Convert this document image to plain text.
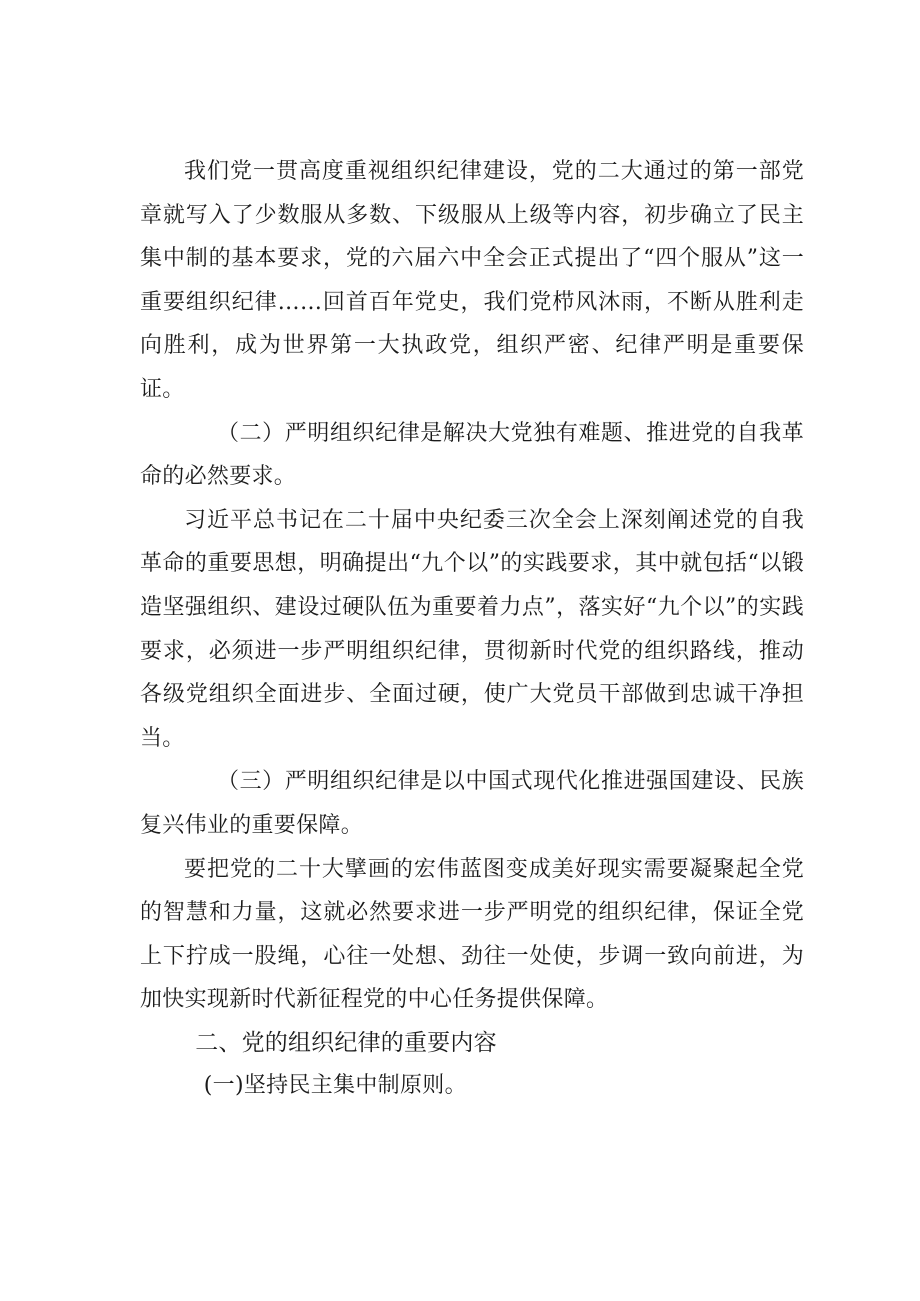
我们党一贯高度重视组织纪律建设，党的二大通过的第一部党章就写入了少数服从多数、下级服从上级等内容，初步确立了民主集中制的基本要求，党的六届六中全会正式提出了“四个服从”这一重要组织纪律……回首百年党史，我们党栉风沐雨，不断从胜利走向胜利，成为世界第一大执政党，组织严密、纪律严明是重要保证。

（二）严明组织纪律是解决大党独有难题、推进党的自我革命的必然要求。

习近平总书记在二十届中央纪委三次全会上深刻阐述党的自我革命的重要思想，明确提出“九个以”的实践要求，其中就包括“以锻造坚强组织、建设过硬队伍为重要着力点”，落实好“九个以”的实践要求，必须进一步严明组织纪律，贯彻新时代党的组织路线，推动各级党组织全面进步、全面过硬，使广大党员干部做到忠诚干净担当。

（三）严明组织纪律是以中国式现代化推进强国建设、民族复兴伟业的重要保障。

要把党的二十大擘画的宏伟蓝图变成美好现实需要凝聚起全党的智慧和力量，这就必然要求进一步严明党的组织纪律，保证全党上下拧成一股绳，心往一处想、劲往一处使，步调一致向前进，为加快实现新时代新征程党的中心任务提供保障。

二、党的组织纪律的重要内容

(一)坚持民主集中制原则。
